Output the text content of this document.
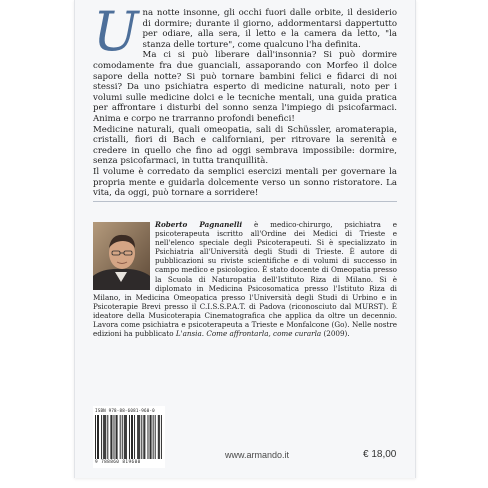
U na notte insonne, gli occhi fuori dalle orbite, il desiderio di dormire; durante il giorno, addormentarsi dappertutto per odiare, alla sera, il letto e la camera da letto, "la stanza delle torture", come qualcuno l'ha definita.

Ma ci si può liberare dall'insonnia? Si può dormire comodamente fra due guanciali, assaporando con Morfeo il dolce sapore della notte? Si può tornare bambini felici e fidarci di noi stessi? Da uno psichiatra esperto di medicine naturali, noto per i volumi sulle medicine dolci e le tecniche mentali, una guida pratica per affrontare i disturbi del sonno senza l'impiego di psicofarmaci. Anima e corpo ne trarranno profondi benefici!

Medicine naturali, quali omeopatia, sali di Schüssler, aromaterapia, cristalli, fiori di Bach e californiani, per ritrovare la serenità e credere in quello che fino ad oggi sembrava impossibile: dormire, senza psicofarmaci, in tutta tranquillità.

Il volume è corredato da semplici esercizi mentali per governare la propria mente e guidarla dolcemente verso un sonno ristoratore. La vita, da oggi, può tornare a sorridere!

Roberto Pagnanelli è medico-chirurgo, psichiatra e psicoterapeuta iscritto all'Ordine dei Medici di Trieste e nell'elenco speciale degli Psicoterapeuti. Si è specializzato in Psichiatria all'Università degli Studi di Trieste. È autore di pubblicazioni su riviste scientifiche e di volumi di successo in campo medico e psicologico. È stato docente di Omeopatia presso la Scuola di Naturopatia dell'Istituto Riza di Milano. Si è diplomato in Medicina Psicosomatica presso l'Istituto Riza di Milano, in Medicina Omeopatica presso l'Università degli Studi di Urbino e in Psicoterapie Brevi presso il C.I.S.S.P.A.T. di Padova (riconosciuto dal MURST). È ideatore della Musicoterapia Cinematografica che applica da oltre un decennio. Lavora come psichiatra e psicoterapeuta a Trieste e Monfalcone (Go). Nelle nostre edizioni ha pubblicato L'ansia. Come affrontarla, come curarla (2009).
ISBN 978-88-6081-960-0
9 788860 819600
www.armando.it	€ 18,00
